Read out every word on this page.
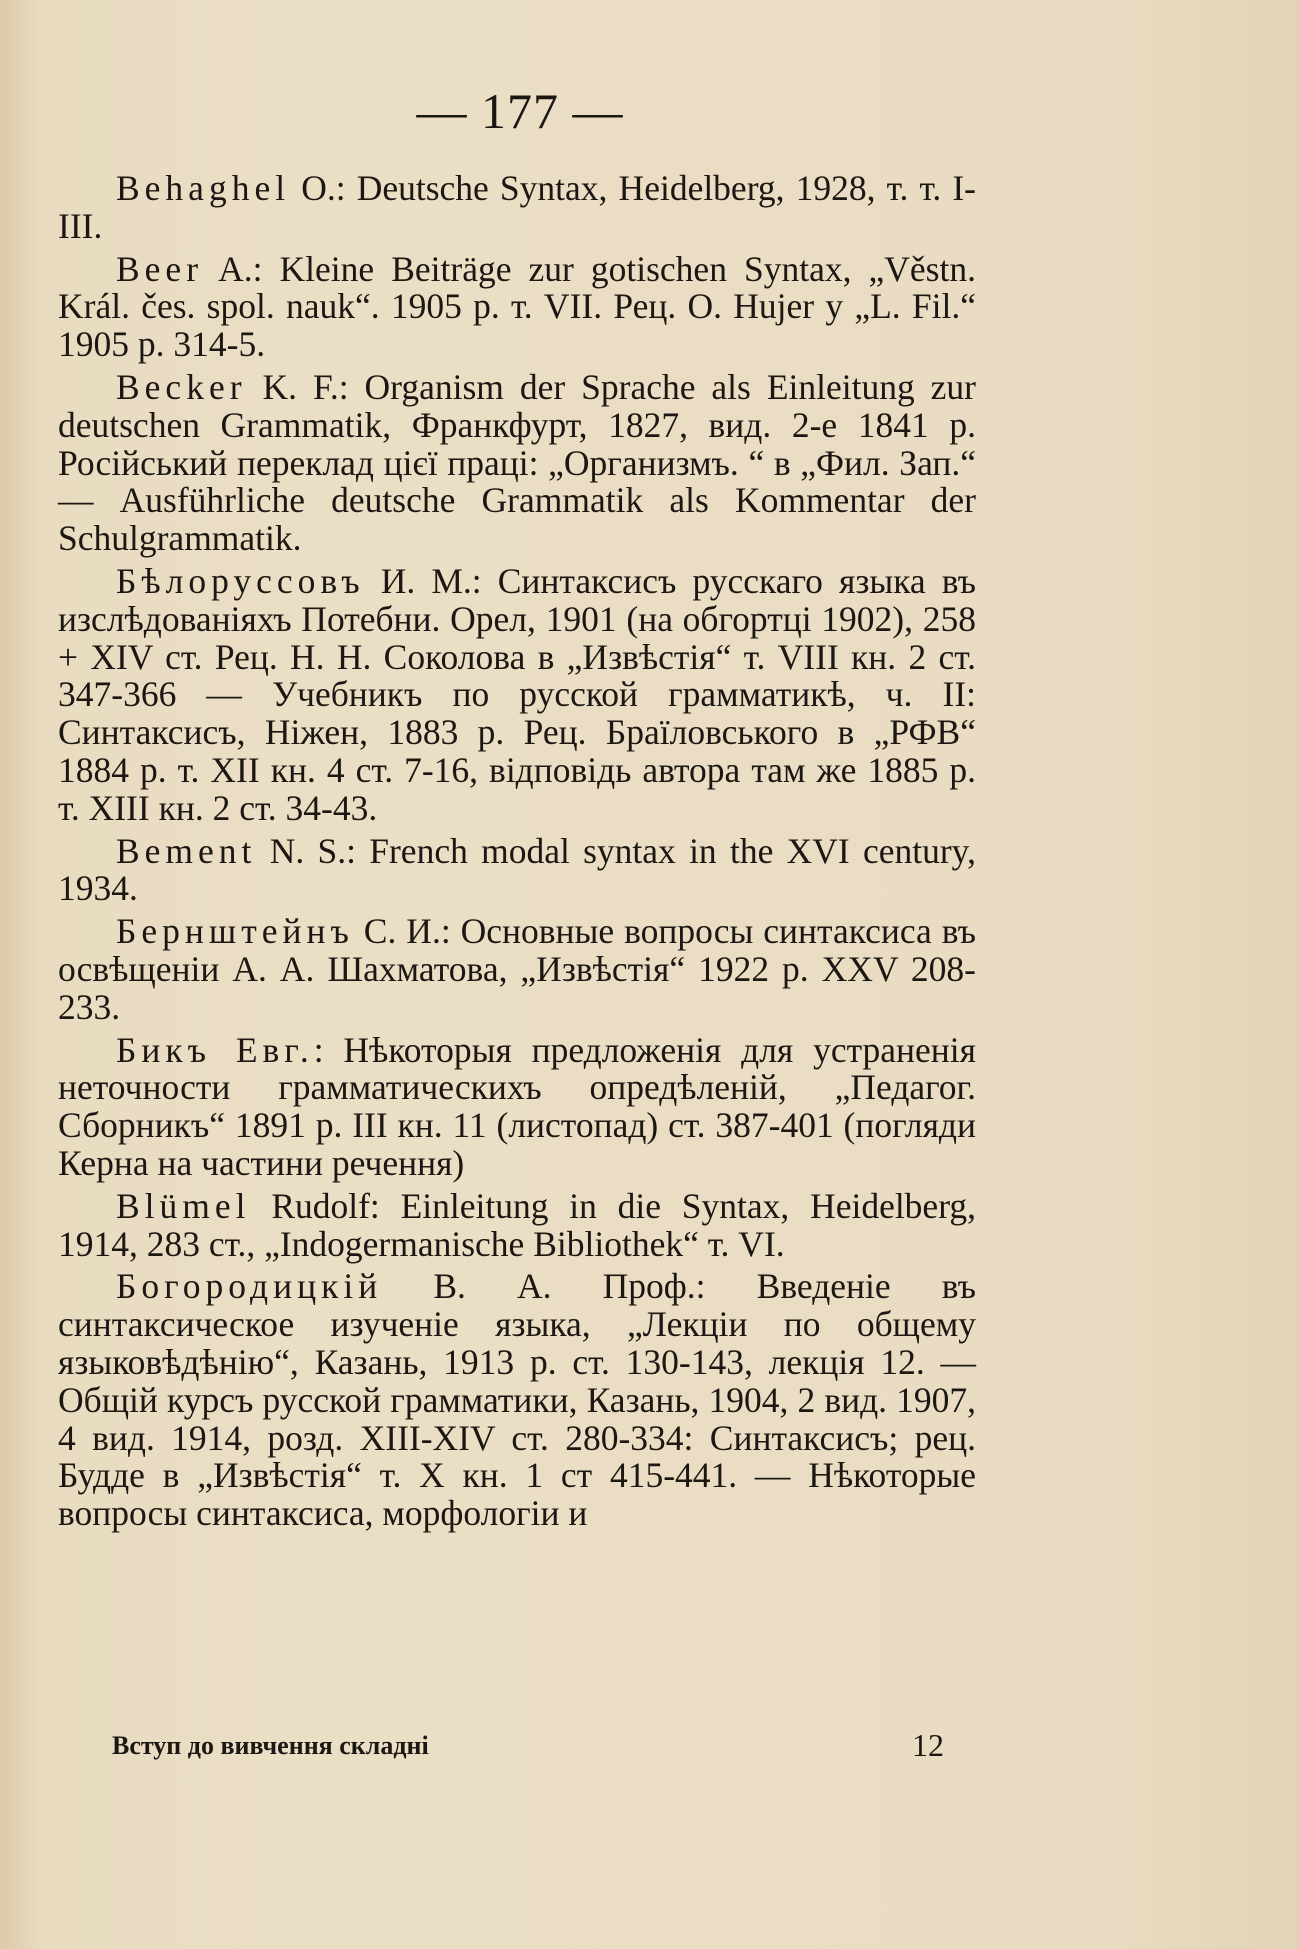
— 177 —

Behaghel O.: Deutsche Syntax, Heidelberg, 1928, т. т. I-III.

Beer A.: Kleine Beiträge zur gotischen Syntax, „Věstn. Král. čes. spol. nauk“. 1905 р. т. VII. Рец. O. Hujer у „L. Fil.“ 1905 р. 314-5.

Becker K. F.: Organism der Sprache als Einleitung zur deutschen Grammatik, Франкфурт, 1827, вид. 2-е 1841 р. Російський переклад цієї праці: „Организмъ. “ в „Фил. Зап.“ — Ausführliche deutsche Grammatik als Kommentar der Schulgrammatik.

Бѣлоруссовъ И. М.: Синтаксисъ русскаго языка въ изслѣдованіяхъ Потебни. Орел, 1901 (на обгортці 1902), 258 + XIV ст. Рец. Н. Н. Соколова в „Извѣстія“ т. VIII кн. 2 ст. 347-366 — Учебникъ по русской грамматикѣ, ч. II: Синтаксисъ, Ніжен, 1883 р. Рец. Браїловського в „РФВ“ 1884 р. т. XII кн. 4 ст. 7-16, відповідь автора там же 1885 р. т. XIII кн. 2 ст. 34-43.

Bement N. S.: French modal syntax in the XVI century, 1934.

Бернштейнъ С. И.: Основные вопросы синтаксиса въ освѣщеніи А. А. Шахматова, „Извѣстія“ 1922 р. XXV 208-233.

Бикъ Евг.: Нѣкоторыя предложенія для устраненія неточности грамматическихъ опредѣленій, „Педагог. Сборникъ“ 1891 р. III кн. 11 (листопад) ст. 387-401 (погляди Керна на частини речення)

Blümel Rudolf: Einleitung in die Syntax, Heidelberg, 1914, 283 ст., „Indogermanische Bibliothek“ т. VI.

Богородицкій В. А. Проф.: Введеніе въ синтаксическое изученіе языка, „Лекціи по общему языковѣдѣнію“, Казань, 1913 р. ст. 130-143, лекція 12. — Общій курсъ русской грамматики, Казань, 1904, 2 вид. 1907, 4 вид. 1914, розд. XIII-XIV ст. 280-334: Синтаксисъ; рец. Будде в „Извѣстія“ т. X кн. 1 ст 415-441. — Нѣкоторые вопросы синтаксиса, морфологіи и

Вступ до вивчення складні	12
